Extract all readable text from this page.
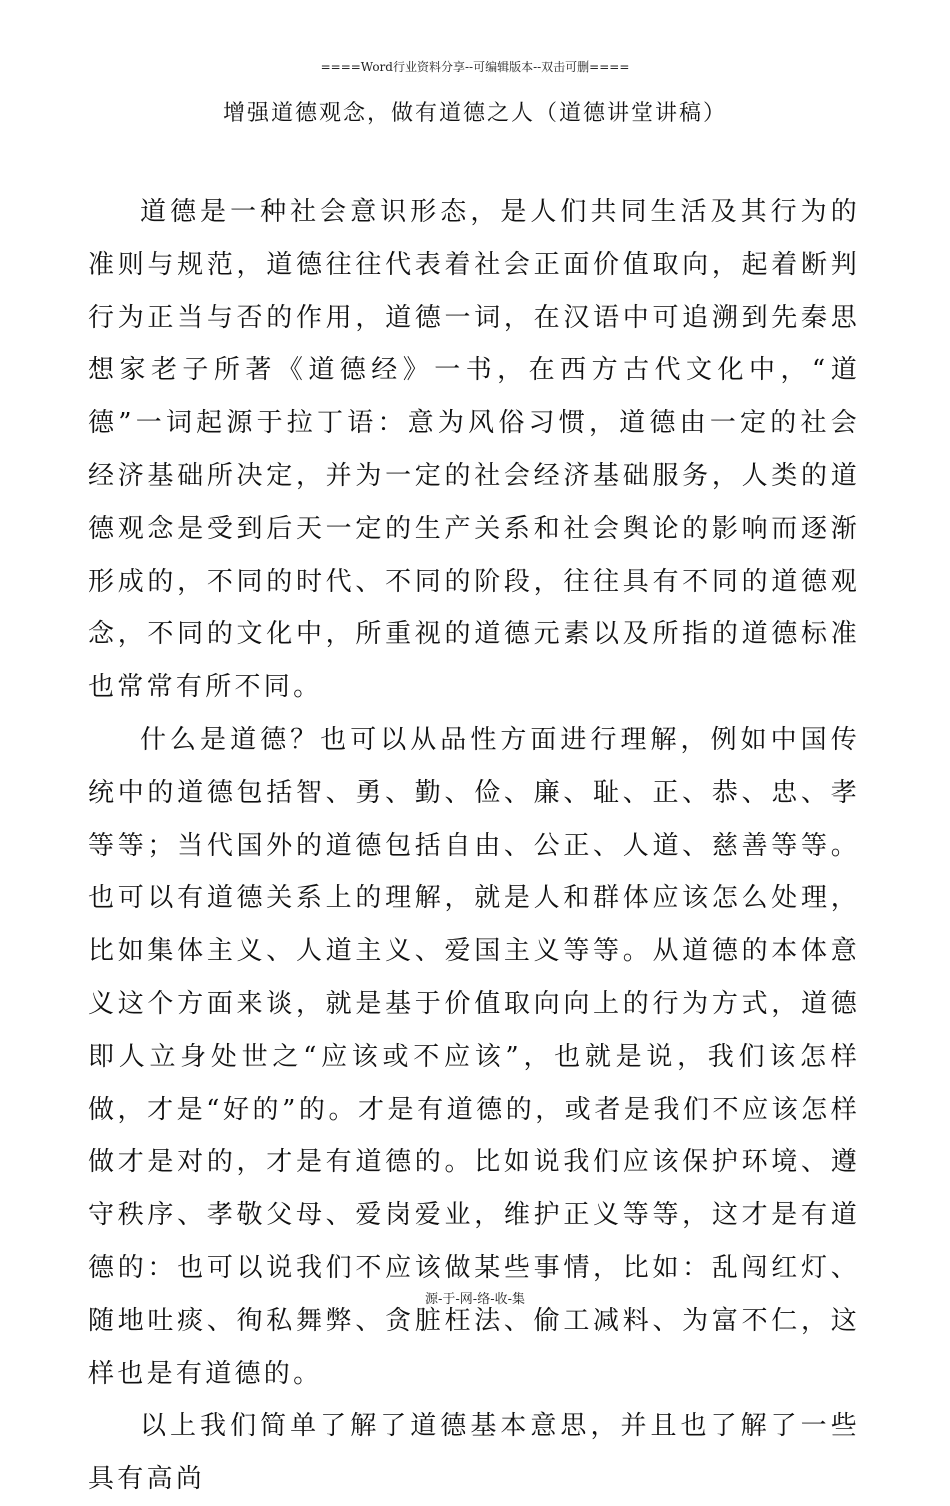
====Word行业资料分享--可编辑版本--双击可删====
增强道德观念，做有道德之人（道德讲堂讲稿）

道德是一种社会意识形态，是人们共同生活及其行为的准则与规范，道德往往代表着社会正面价值取向，起着断判行为正当与否的作用，道德一词，在汉语中可追溯到先秦思想家老子所著《道德经》一书，在西方古代文化中，“道德”一词起源于拉丁语：意为风俗习惯，道德由一定的社会经济基础所决定，并为一定的社会经济基础服务，人类的道德观念是受到后天一定的生产关系和社会舆论的影响而逐渐形成的，不同的时代、不同的阶段，往往具有不同的道德观念，不同的文化中，所重视的道德元素以及所指的道德标准也常常有所不同。

什么是道德？也可以从品性方面进行理解，例如中国传统中的道德包括智、勇、勤、俭、廉、耻、正、恭、忠、孝等等；当代国外的道德包括自由、公正、人道、慈善等等。也可以有道德关系上的理解，就是人和群体应该怎么处理，比如集体主义、人道主义、爱国主义等等。从道德的本体意义这个方面来谈，就是基于价值取向向上的行为方式，道德即人立身处世之“应该或不应该”，也就是说，我们该怎样做，才是“好的”的。才是有道德的，或者是我们不应该怎样做才是对的，才是有道德的。比如说我们应该保护环境、遵守秩序、孝敬父母、爱岗爱业，维护正义等等，这才是有道德的：也可以说我们不应该做某些事情，比如：乱闯红灯、随地吐痰、徇私舞弊、贪脏枉法、偷工减料、为富不仁，这样也是有道德的。

以上我们简单了解了道德基本意思，并且也了解了一些具有高尚

源-于-网-络-收-集
